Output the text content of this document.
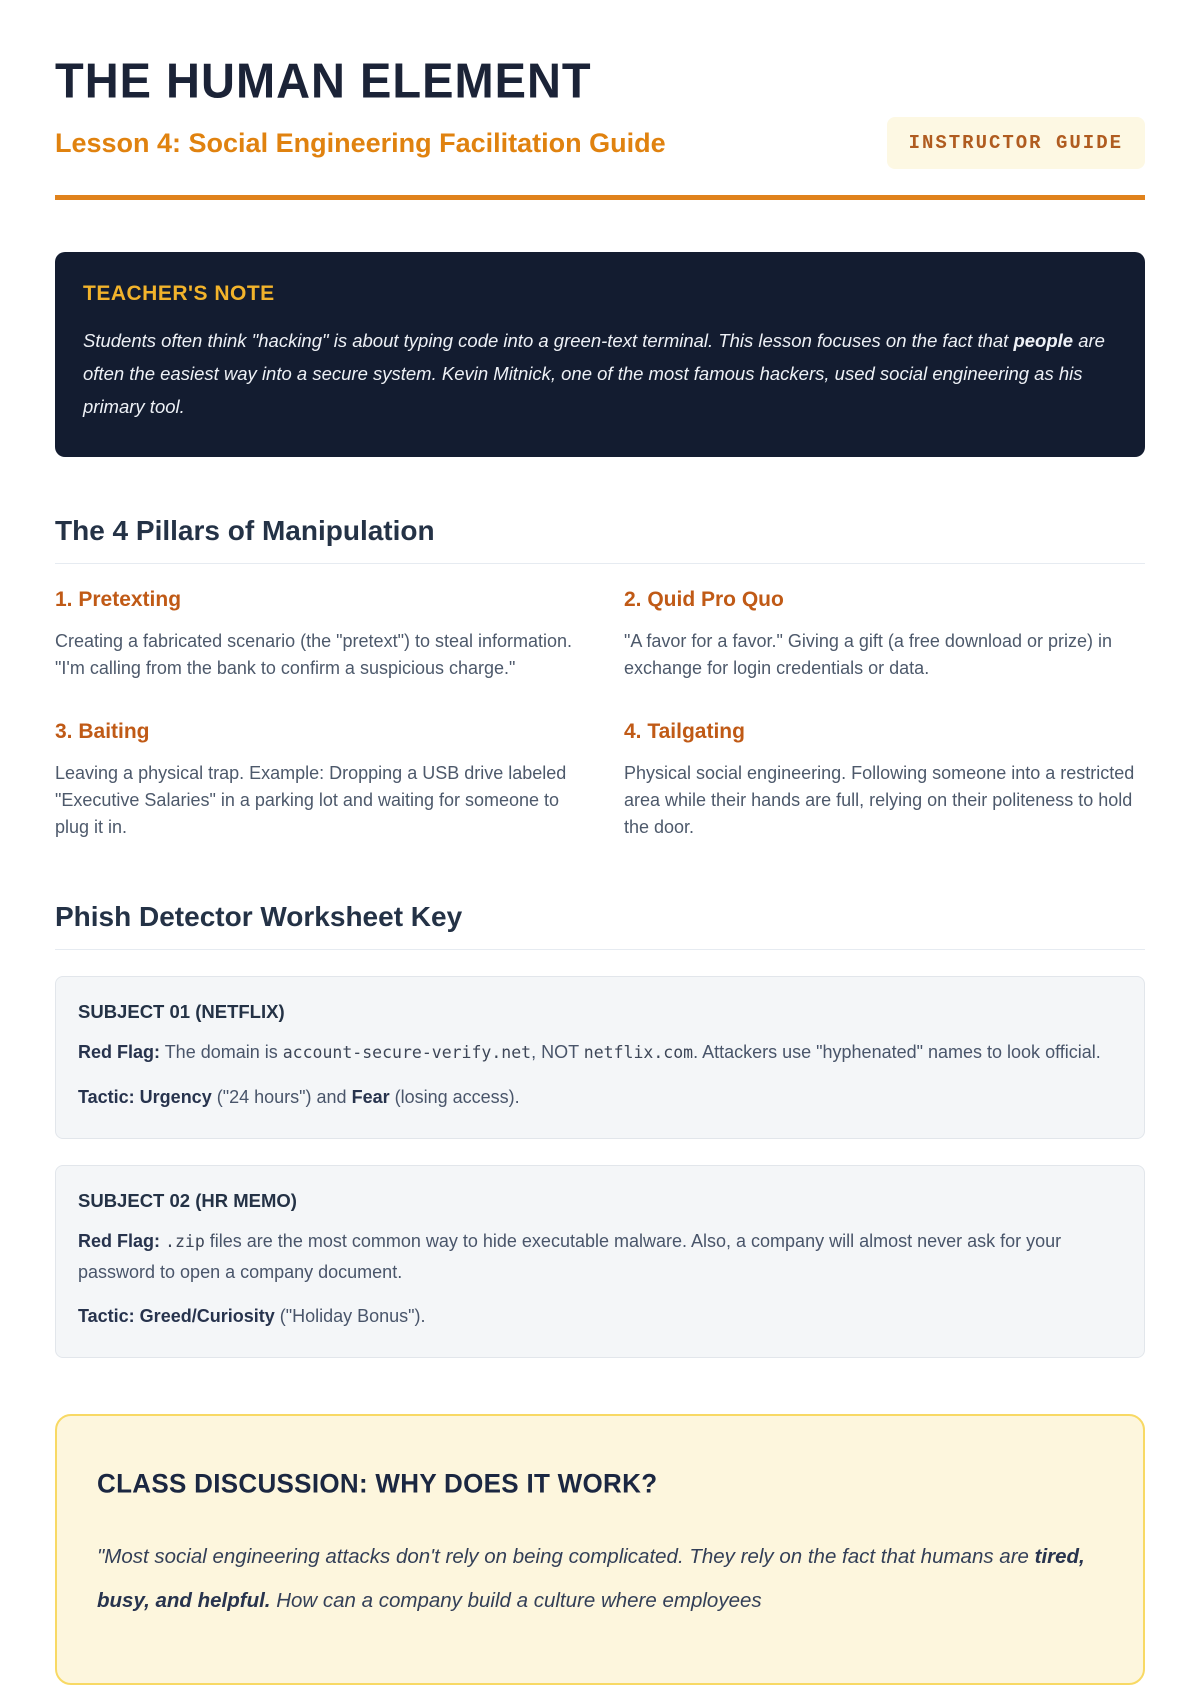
THE HUMAN ELEMENT
Lesson 4: Social Engineering Facilitation Guide	INSTRUCTOR GUIDE
TEACHER'S NOTE

Students often think "hacking" is about typing code into a green-text terminal. This lesson focuses on the fact that people are often the easiest way into a secure system. Kevin Mitnick, one of the most famous hackers, used social engineering as his primary tool.

The 4 Pillars of Manipulation
1. Pretexting

Creating a fabricated scenario (the "pretext") to steal information. "I'm calling from the bank to confirm a suspicious charge."

2. Quid Pro Quo

"A favor for a favor." Giving a gift (a free download or prize) in exchange for login credentials or data.

3. Baiting

Leaving a physical trap. Example: Dropping a USB drive labeled "Executive Salaries" in a parking lot and waiting for someone to plug it in.

4. Tailgating

Physical social engineering. Following someone into a restricted area while their hands are full, relying on their politeness to hold the door.

Phish Detector Worksheet Key
SUBJECT 01 (NETFLIX)

Red Flag: The domain is account-secure-verify.net, NOT netflix.com. Attackers use "hyphenated" names to look official.

Tactic: Urgency ("24 hours") and Fear (losing access).

SUBJECT 02 (HR MEMO)

Red Flag: .zip files are the most common way to hide executable malware. Also, a company will almost never ask for your password to open a company document.

Tactic: Greed/Curiosity ("Holiday Bonus").

CLASS DISCUSSION: WHY DOES IT WORK?

"Most social engineering attacks don't rely on being complicated. They rely on the fact that humans are tired, busy, and helpful. How can a company build a culture where employees
